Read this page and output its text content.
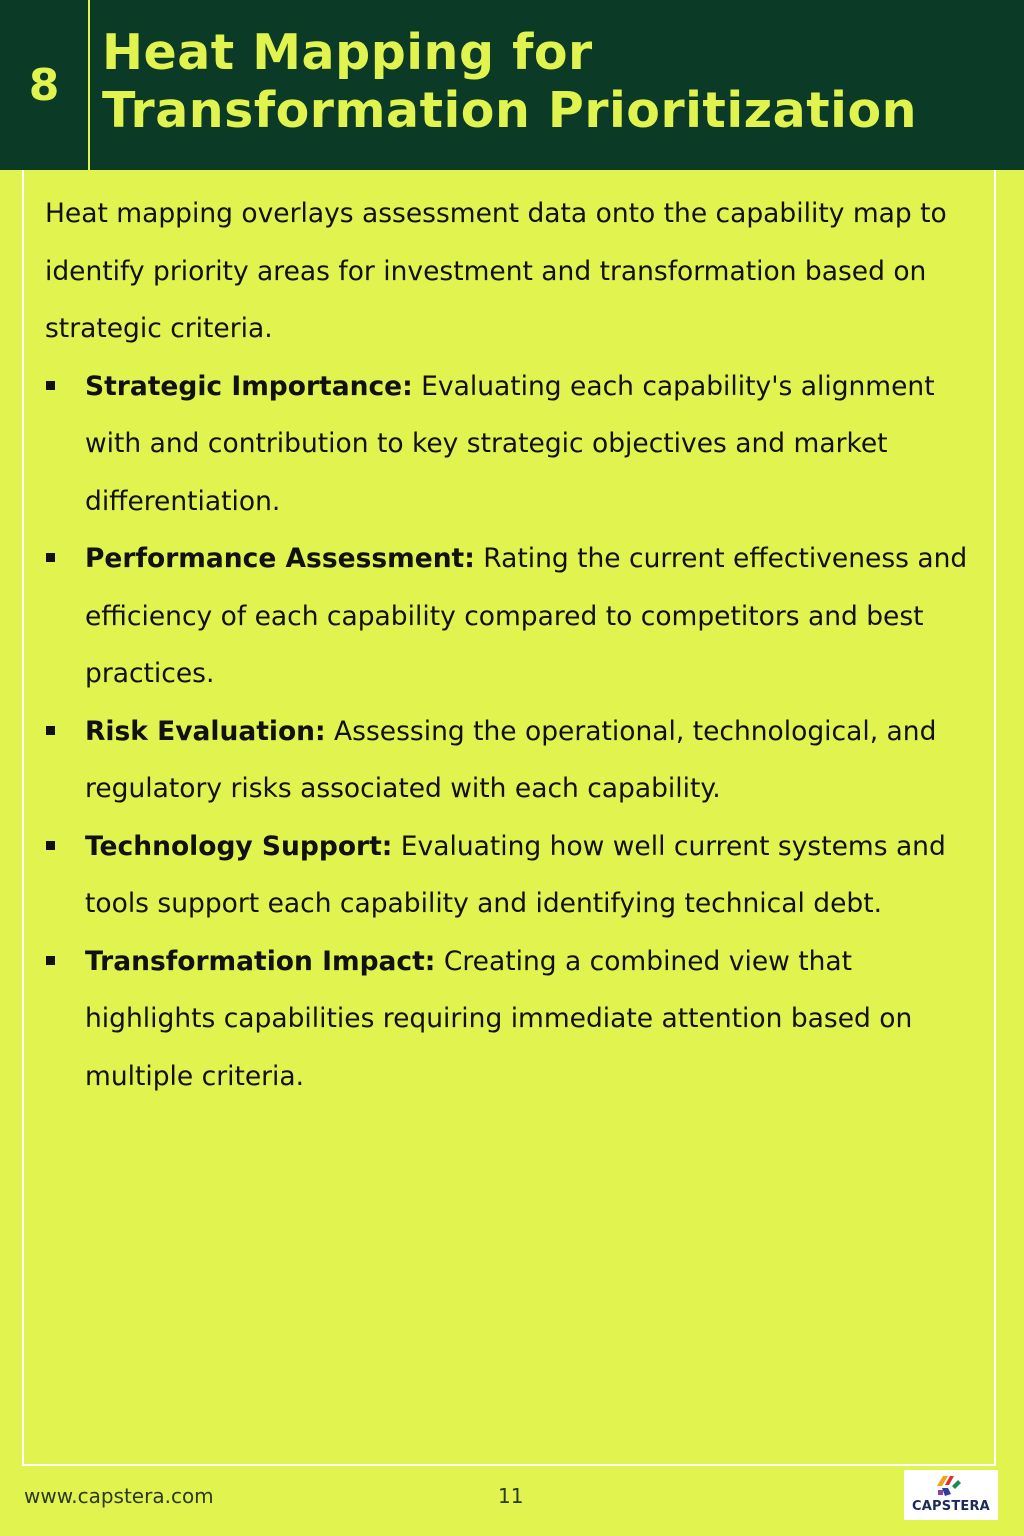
8
Heat Mapping for Transformation Prioritization

Heat mapping overlays assessment data onto the capability map to identify priority areas for investment and transformation based on strategic criteria.

Strategic Importance: Evaluating each capability's alignment with and contribution to key strategic objectives and market differentiation.
Performance Assessment: Rating the current effectiveness and efficiency of each capability compared to competitors and best practices.
Risk Evaluation: Assessing the operational, technological, and regulatory risks associated with each capability.
Technology Support: Evaluating how well current systems and tools support each capability and identifying technical debt.
Transformation Impact: Creating a combined view that highlights capabilities requiring immediate attention based on multiple criteria.
www.capstera.com	11	CAPSTERA
